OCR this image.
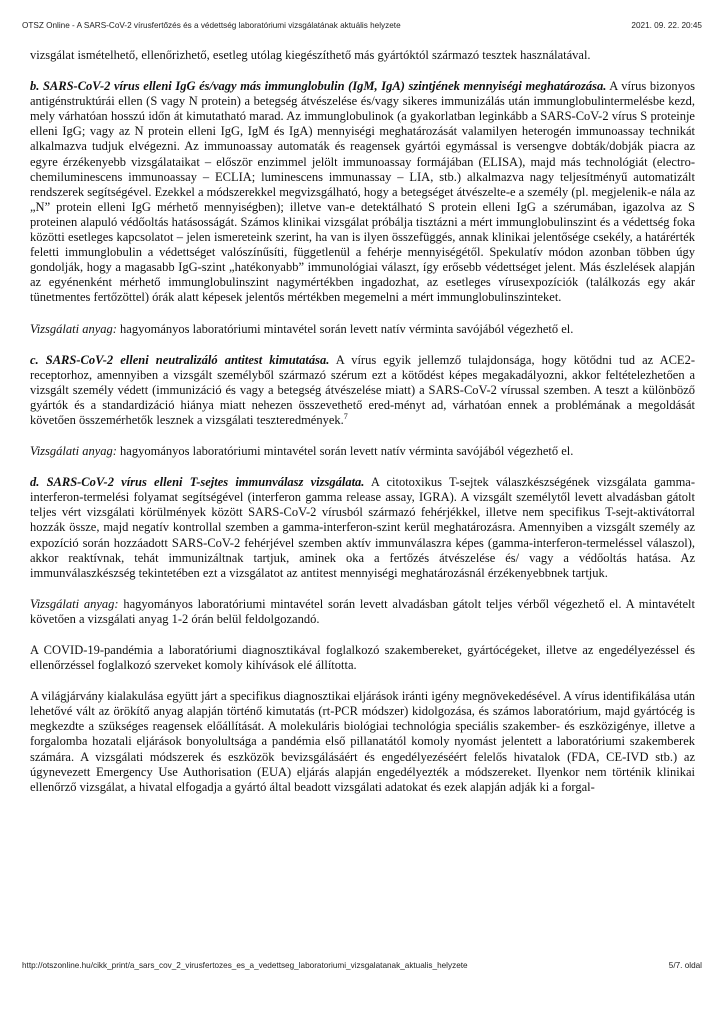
OTSZ Online - A SARS-CoV-2 vírusfertőzés és a védettség laboratóriumi vizsgálatának aktuális helyzete	2021. 09. 22. 20:45

vizsgálat ismételhető, ellenőrizhető, esetleg utólag kiegészíthető más gyártóktól származó tesztek használatával.

b. SARS-CoV-2 vírus elleni IgG és/vagy más immunglobulin (IgM, IgA) szintjének mennyiségi meghatározása. A vírus bizonyos antigénstruktúrái ellen (S vagy N protein) a betegség átvészelése és/vagy sikeres immunizálás után immunglobulintermelésbe kezd, mely várhatóan hosszú időn át kimutatható marad. Az immunglobulinok (a gyakorlatban leginkább a SARS-CoV-2 vírus S proteinje elleni IgG; vagy az N protein elleni IgG, IgM és IgA) mennyiségi meghatározását valamilyen heterogén immunoassay technikát alkalmazva tudjuk elvégezni. Az immunoassay automaták és reagensek gyártói egymással is versengve dobták/dobják piacra az egyre érzékenyebb vizsgálataikat – először enzimmel jelölt immunoassay formájában (ELISA), majd más technológiát (electro-chemiluminescens immunoassay – ECLIA; luminescens immunassay – LIA, stb.) alkalmazva nagy teljesítményű automatizált rendszerek segítségével. Ezekkel a módszerekkel megvizsgálható, hogy a betegséget átvészelte-e a személy (pl. megjelenik-e nála az „N” protein elleni IgG mérhető mennyiségben); illetve van-e detektálható S protein elleni IgG a szérumában, igazolva az S proteinen alapuló védőoltás hatásosságát. Számos klinikai vizsgálat próbálja tisztázni a mért immunglobulinszint és a védettség foka közötti esetleges kapcsolatot – jelen ismereteink szerint, ha van is ilyen összefüggés, annak klinikai jelentősége csekély, a határérték feletti immunglobulin a védettséget valószínűsíti, függetlenül a fehérje mennyiségétől. Spekulatív módon azonban többen úgy gondolják, hogy a magasabb IgG-szint „hatékonyabb” immunológiai választ, így erősebb védettséget jelent. Más észlelések alapján az egyénenként mérhető immunglobulinszint nagymértékben ingadozhat, az esetleges vírusexpozíciók (találkozás egy akár tünetmentes fertőzöttel) órák alatt képesek jelentős mértékben megemelni a mért immunglobulinszinteket.

Vizsgálati anyag: hagyományos laboratóriumi mintavétel során levett natív vérminta savójából végezhető el.

c. SARS-CoV-2 elleni neutralizáló antitest kimutatása. A vírus egyik jellemző tulajdonsága, hogy kötődni tud az ACE2-receptorhoz, amennyiben a vizsgált személyből származó szérum ezt a kötődést képes megakadályozni, akkor feltételezhetően a vizsgált személy védett (immunizáció és vagy a betegség átvészelése miatt) a SARS-CoV-2 vírussal szemben. A teszt a különböző gyártók és a standardizáció hiánya miatt nehezen összevethető ered-ményt ad, várhatóan ennek a problémának a megoldását követően összemérhetők lesznek a vizsgálati teszteredmények.$^7$

Vizsgálati anyag: hagyományos laboratóriumi mintavétel során levett natív vérminta savójából végezhető el.

d. SARS-CoV-2 vírus elleni T-sejtes immunválasz vizsgálata. A citotoxikus T-sejtek válaszkészségének vizsgálata gamma-interferon-termelési folyamat segítségével (interferon gamma release assay, IGRA). A vizsgált személytől levett alvadásban gátolt teljes vért vizsgálati körülmények között SARS-CoV-2 vírusból származó fehérjékkel, illetve nem specifikus T-sejt-aktivátorral hozzák össze, majd negatív kontrollal szemben a gamma-interferon-szint kerül meghatározásra. Amennyiben a vizsgált személy az expozíció során hozzáadott SARS-CoV-2 fehérjével szemben aktív immunválaszra képes (gamma-interferon-termeléssel válaszol), akkor reaktívnak, tehát immunizáltnak tartjuk, aminek oka a fertőzés átvészelése és/ vagy a védőoltás hatása. Az immunválaszkészség tekintetében ezt a vizsgálatot az antitest mennyiségi meghatározásnál érzékenyebbnek tartjuk.

Vizsgálati anyag: hagyományos laboratóriumi mintavétel során levett alvadásban gátolt teljes vérből végezhető el. A mintavételt követően a vizsgálati anyag 1-2 órán belül feldolgozandó.

A COVID-19-pandémia a laboratóriumi diagnosztikával foglalkozó szakembereket, gyártócégeket, illetve az engedélyezéssel és ellenőrzéssel foglalkozó szerveket komoly kihívások elé állította.

A világjárvány kialakulása együtt járt a specifikus diagnosztikai eljárások iránti igény megnövekedésével. A vírus identifikálása után lehetővé vált az örökítő anyag alapján történő kimutatás (rt-PCR módszer) kidolgozása, és számos laboratórium, majd gyártócég is megkezdte a szükséges reagensek előállítását. A molekuláris biológiai technológia speciális szakember- és eszközigénye, illetve a forgalomba hozatali eljárások bonyolultsága a pandémia első pillanatától komoly nyomást jelentett a laboratóriumi szakemberek számára. A vizsgálati módszerek és eszközök bevizsgálásáért és engedélyezéséért felelős hivatalok (FDA, CE-IVD stb.) az úgynevezett Emergency Use Authorisation (EUA) eljárás alapján engedélyezték a módszereket. Ilyenkor nem történik klinikai ellenőrző vizsgálat, a hivatal elfogadja a gyártó által beadott vizsgálati adatokat és ezek alapján adják ki a forgal-

http://otszonline.hu/cikk_print/a_sars_cov_2_virusfertozes_es_a_vedettseg_laboratoriumi_vizsgalatanak_aktualis_helyzete	5/7. oldal
